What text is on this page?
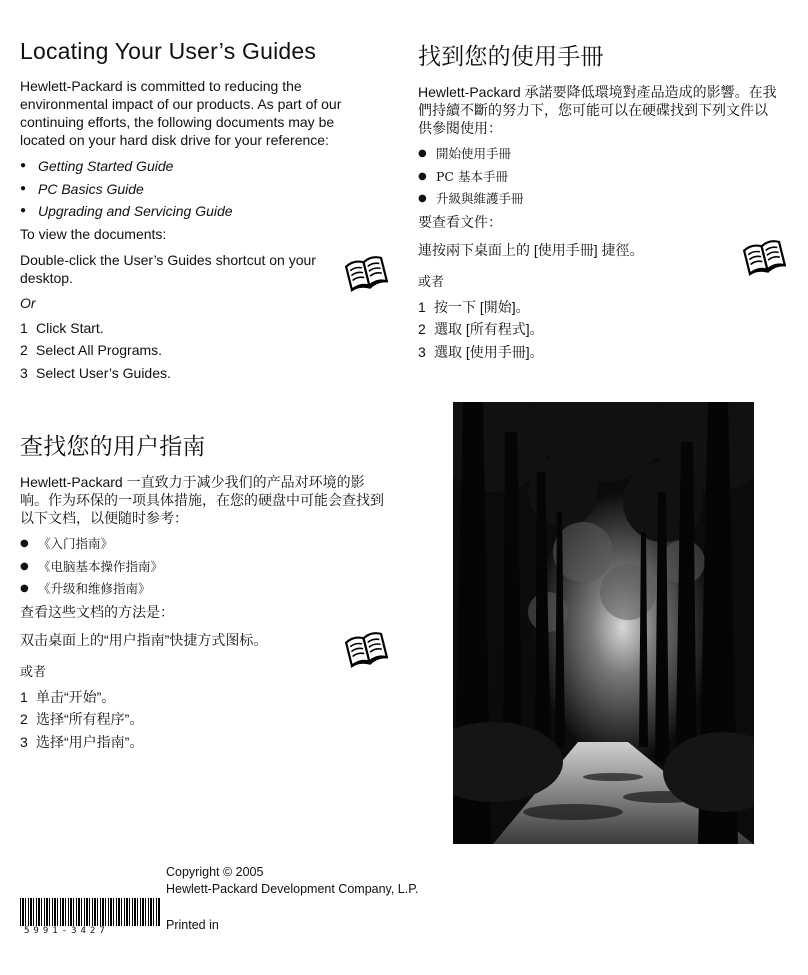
Locating Your User’s Guides

Hewlett-Packard is committed to reducing the environmental impact of our products. As part of our continuing efforts, the following documents may be located on your hard disk drive for your reference:

● Getting Started Guide
● PC Basics Guide
● Upgrading and Servicing Guide

To view the documents:

Double-click the User’s Guides shortcut on your desktop.

Or

1 Click Start.
2 Select All Programs.
3 Select User’s Guides.
找到您的使用手冊

Hewlett-Packard 承諾要降低環境對產品造成的影響。在我們持續不斷的努力下，您可能可以在硬碟找到下列文件以供參閱使用：

● 開始使用手冊
● PC 基本手冊
● 升級與維護手冊

要查看文件：

連按兩下桌面上的 [使用手冊] 捷徑。

或者

1 按一下 [開始]。
2 選取 [所有程式]。
3 選取 [使用手冊]。
查找您的用户指南

Hewlett-Packard 一直致力于减少我们的产品对环境的影响。作为环保的一项具体措施，在您的硬盘中可能会查找到以下文档，以便随时参考：

● 《入门指南》
● 《电脑基本操作指南》
● 《升级和维修指南》

查看这些文档的方法是：

双击桌面上的“用户指南”快捷方式图标。

或者

1 单击“开始”。
2 选择“所有程序”。
3 选择“用户指南”。
Copyright © 2005
Hewlett-Packard Development Company, L.P.
5991-3427	Printed in
